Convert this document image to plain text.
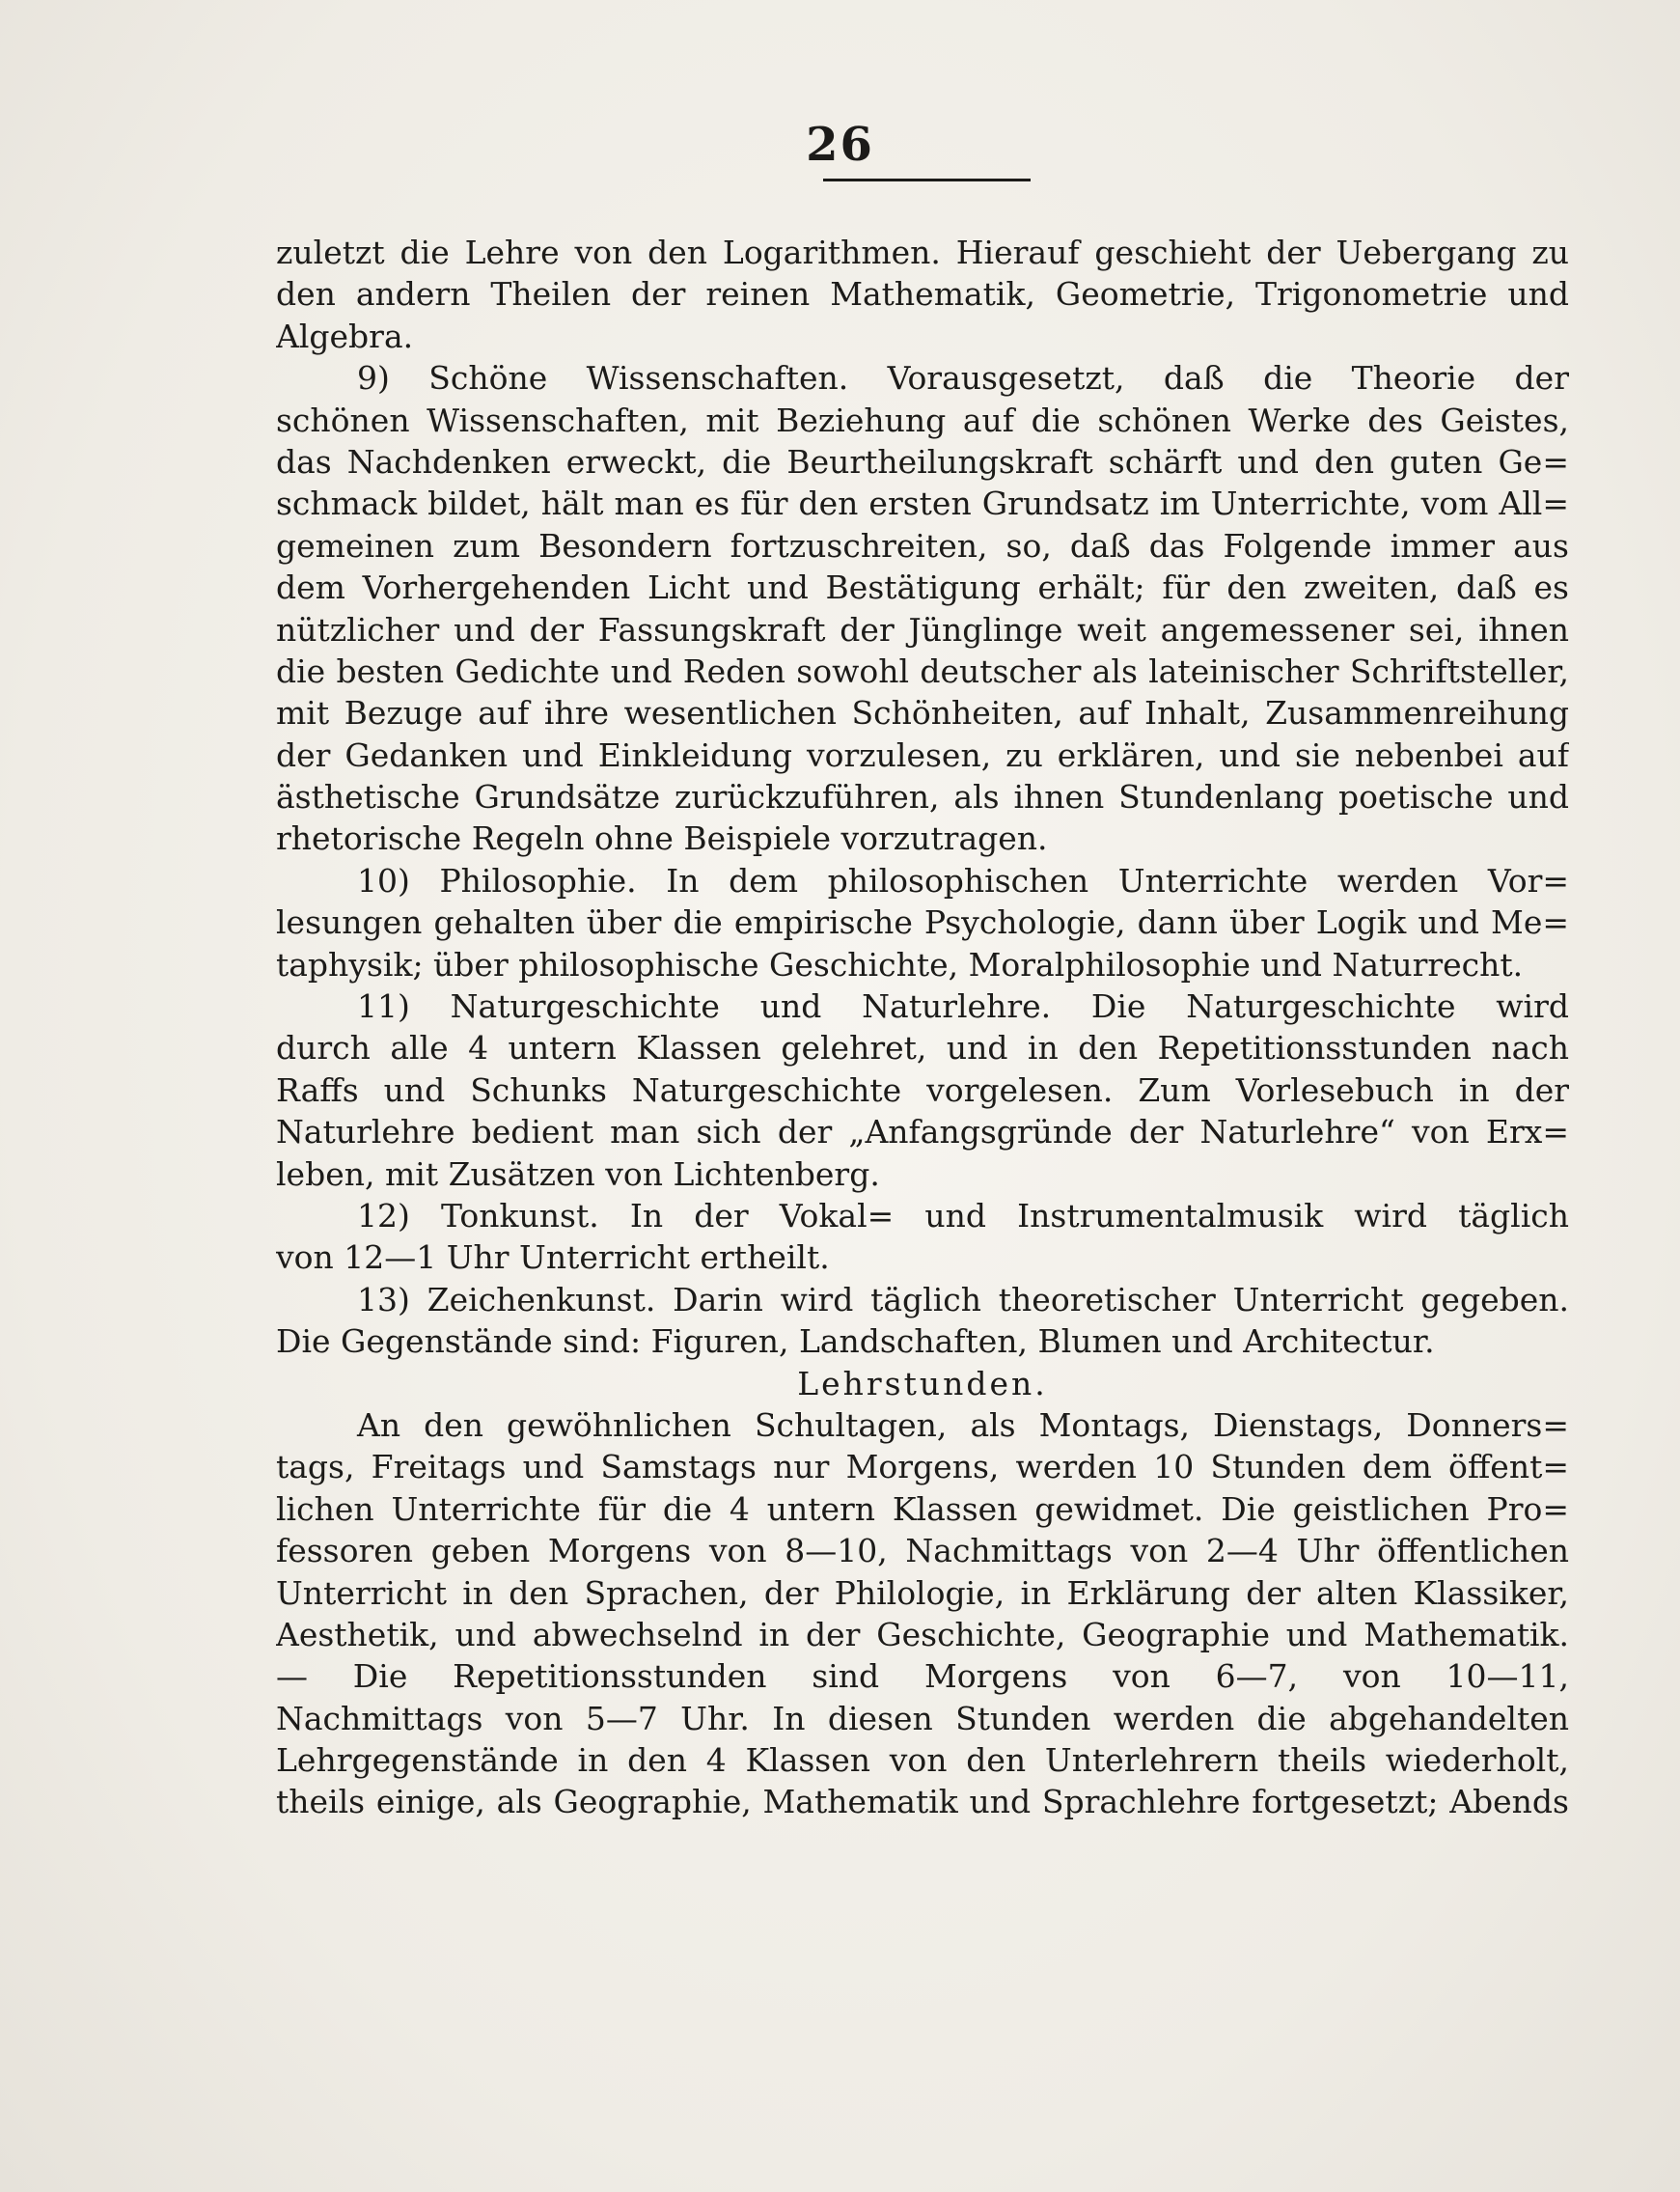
26

zuletzt die Lehre von den Logarithmen. Hierauf geschieht der Uebergang zu
den andern Theilen der reinen Mathematik, Geometrie, Trigonometrie und
Algebra.
9) Schöne Wissenschaften. Vorausgesetzt, daß die Theorie der
schönen Wissenschaften, mit Beziehung auf die schönen Werke des Geistes,
das Nachdenken erweckt, die Beurtheilungskraft schärft und den guten Ge=
schmack bildet, hält man es für den ersten Grundsatz im Unterrichte, vom All=
gemeinen zum Besondern fortzuschreiten, so, daß das Folgende immer aus
dem Vorhergehenden Licht und Bestätigung erhält; für den zweiten, daß es
nützlicher und der Fassungskraft der Jünglinge weit angemessener sei, ihnen
die besten Gedichte und Reden sowohl deutscher als lateinischer Schriftsteller,
mit Bezuge auf ihre wesentlichen Schönheiten, auf Inhalt, Zusammenreihung
der Gedanken und Einkleidung vorzulesen, zu erklären, und sie nebenbei auf
ästhetische Grundsätze zurückzuführen, als ihnen Stundenlang poetische und
rhetorische Regeln ohne Beispiele vorzutragen.
10) Philosophie. In dem philosophischen Unterrichte werden Vor=
lesungen gehalten über die empirische Psychologie, dann über Logik und Me=
taphysik; über philosophische Geschichte, Moralphilosophie und Naturrecht.
11) Naturgeschichte und Naturlehre. Die Naturgeschichte wird
durch alle 4 untern Klassen gelehret, und in den Repetitionsstunden nach
Raffs und Schunks Naturgeschichte vorgelesen. Zum Vorlesebuch in der
Naturlehre bedient man sich der „Anfangsgründe der Naturlehre“ von Erx=
leben, mit Zusätzen von Lichtenberg.
12) Tonkunst. In der Vokal= und Instrumentalmusik wird täglich
von 12—1 Uhr Unterricht ertheilt.
13) Zeichenkunst. Darin wird täglich theoretischer Unterricht gegeben.
Die Gegenstände sind: Figuren, Landschaften, Blumen und Architectur.
Lehrstunden.
An den gewöhnlichen Schultagen, als Montags, Dienstags, Donners=
tags, Freitags und Samstags nur Morgens, werden 10 Stunden dem öffent=
lichen Unterrichte für die 4 untern Klassen gewidmet. Die geistlichen Pro=
fessoren geben Morgens von 8—10, Nachmittags von 2—4 Uhr öffentlichen
Unterricht in den Sprachen, der Philologie, in Erklärung der alten Klassiker,
Aesthetik, und abwechselnd in der Geschichte, Geographie und Mathematik.
— Die Repetitionsstunden sind Morgens von 6—7, von 10—11,
Nachmittags von 5—7 Uhr. In diesen Stunden werden die abgehandelten
Lehrgegenstände in den 4 Klassen von den Unterlehrern theils wiederholt,
theils einige, als Geographie, Mathematik und Sprachlehre fortgesetzt; Abends
